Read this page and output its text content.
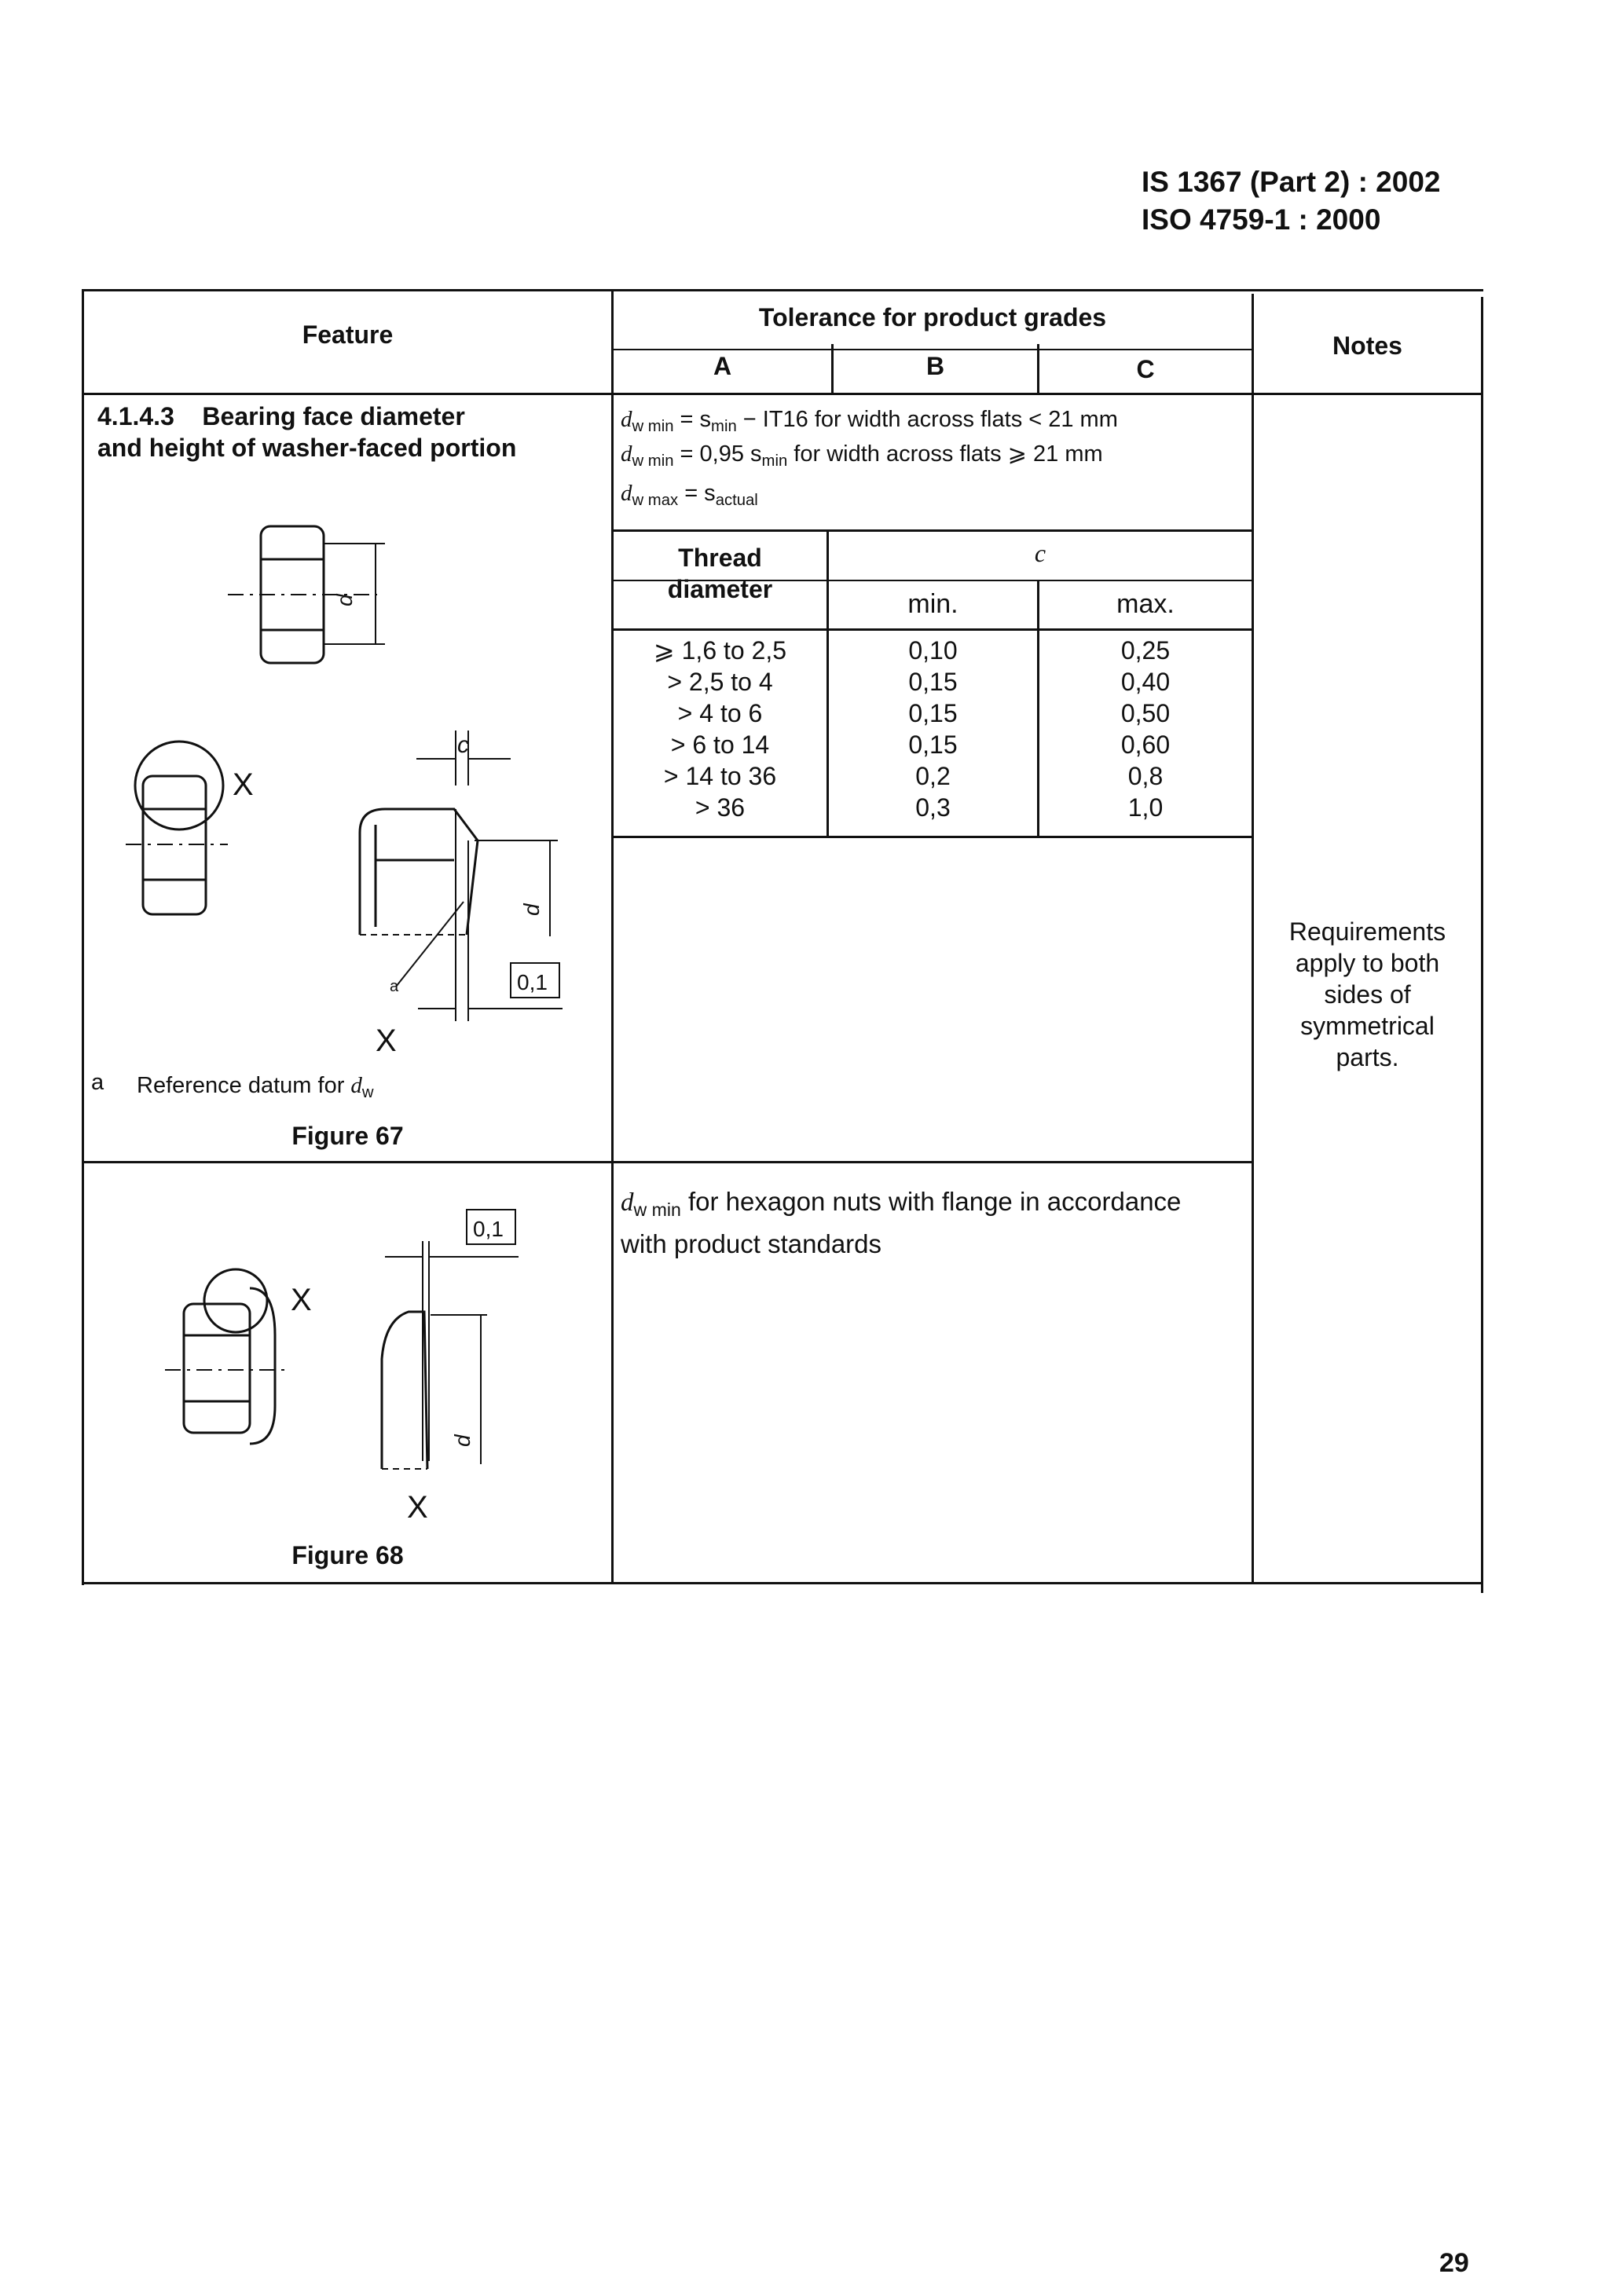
IS 1367 (Part 2) : 2002
ISO 4759-1 : 2000
Feature
Tolerance for product grades
A	B	C
Notes
4.1.4.3 Bearing face diameter
and height of washer-faced portion
$d_w$ $_{min} = s_{min} - IT16$ for width across flats < 21 mm
$d_w$ $_{min}$ = 0,95 $s_{min}$ for width across flats ⩾ 21 mm
$d_w$ $_{max} = s_{actual}$
Thread
diameter
c
min.	max.
⩾ 1,6 to 2,5	0,10	0,25
> 2,5 to 4	0,15	0,40
> 4 to 6	0,15	0,50
> 6 to 14	0,15	0,60
> 14 to 36	0,2	0,8
> 36	0,3	1,0
Requirements
apply to both
sides of
symmetrical
parts.
$d_w$ $_{min}$ for hexagon nuts with flange in accordance
with product standards
a Reference datum for $d_w$
Figure 67
Figure 68
X
c
a	0,1
X
d
d
X
0,1
X
d
29
